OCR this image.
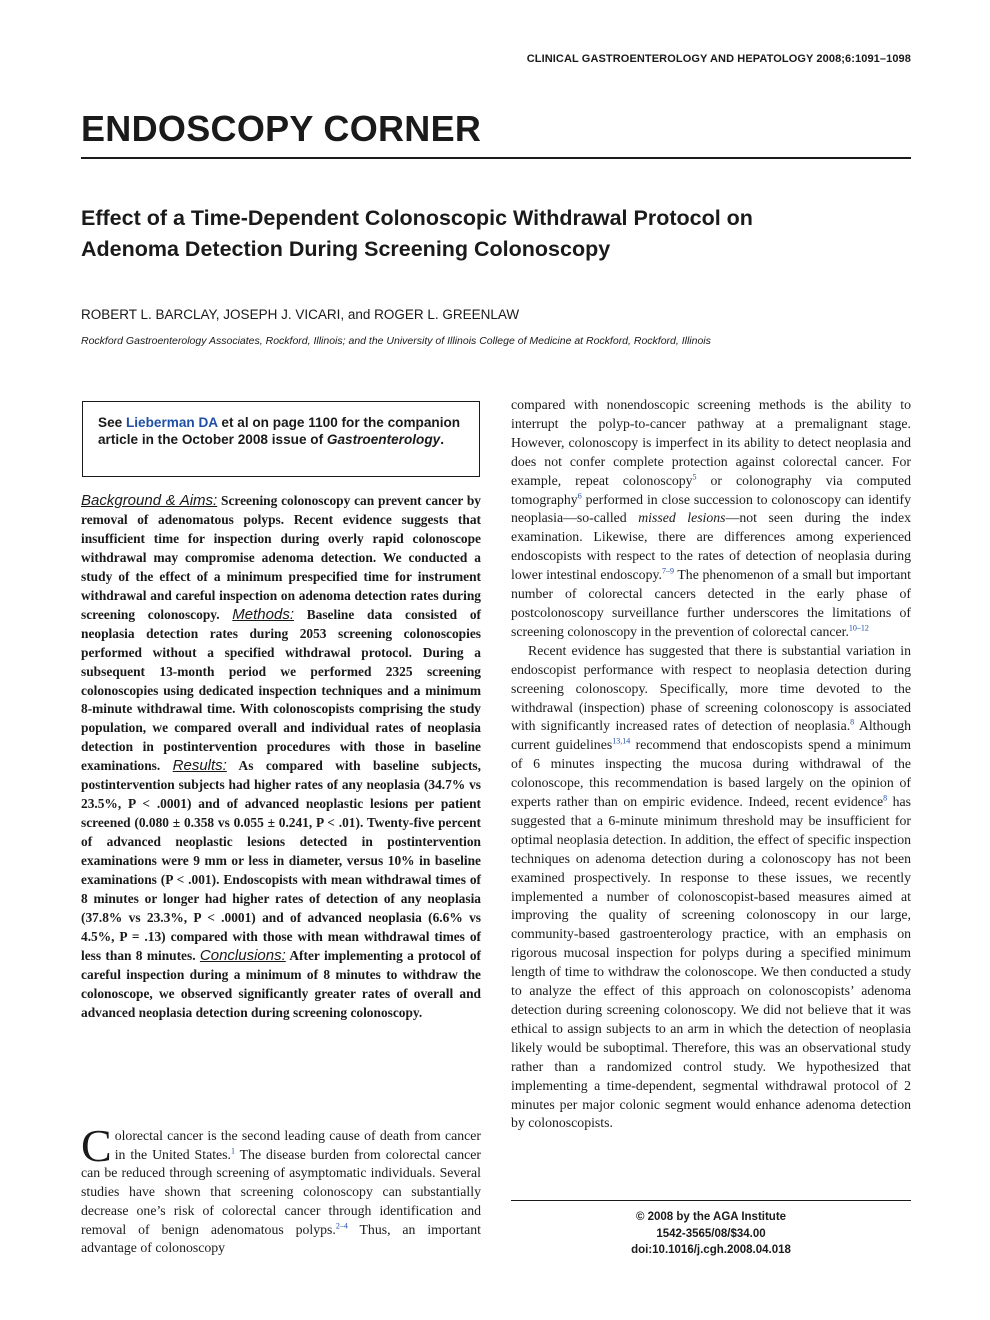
CLINICAL GASTROENTEROLOGY AND HEPATOLOGY 2008;6:1091–1098
ENDOSCOPY CORNER
Effect of a Time-Dependent Colonoscopic Withdrawal Protocol on
Adenoma Detection During Screening Colonoscopy
ROBERT L. BARCLAY, JOSEPH J. VICARI, and ROGER L. GREENLAW
Rockford Gastroenterology Associates, Rockford, Illinois; and the University of Illinois College of Medicine at Rockford, Rockford, Illinois
See Lieberman DA et al on page 1100 for the companion article in the October 2008 issue of Gastroenterology.

Background & Aims: Screening colonoscopy can prevent cancer by removal of adenomatous polyps. Recent evidence suggests that insufficient time for inspection during overly rapid colonoscope withdrawal may compromise adenoma detection. We conducted a study of the effect of a minimum prespecified time for instrument withdrawal and careful inspection on adenoma detection rates during screening colonoscopy. Methods: Baseline data consisted of neoplasia detection rates during 2053 screening colonoscopies performed without a specified withdrawal protocol. During a subsequent 13-month period we performed 2325 screening colonoscopies using dedicated inspection techniques and a minimum 8-minute withdrawal time. With colonoscopists comprising the study population, we compared overall and individual rates of neoplasia detection in postintervention procedures with those in baseline examinations. Results: As compared with baseline subjects, postintervention subjects had higher rates of any neoplasia (34.7% vs 23.5%, P < .0001) and of advanced neoplastic lesions per patient screened (0.080 ± 0.358 vs 0.055 ± 0.241, P < .01). Twenty-five percent of advanced neoplastic lesions detected in postintervention examinations were 9 mm or less in diameter, versus 10% in baseline examinations (P < .001). Endoscopists with mean withdrawal times of 8 minutes or longer had higher rates of detection of any neoplasia (37.8% vs 23.3%, P < .0001) and of advanced neoplasia (6.6% vs 4.5%, P = .13) compared with those with mean withdrawal times of less than 8 minutes. Conclusions: After implementing a protocol of careful inspection during a minimum of 8 minutes to withdraw the colonoscope, we observed significantly greater rates of overall and advanced neoplasia detection during screening colonoscopy.

Colorectal cancer is the second leading cause of death from cancer in the United States.$^1$ The disease burden from colorectal cancer can be reduced through screening of asymptomatic individuals. Several studies have shown that screening colonoscopy can substantially decrease one’s risk of colorectal cancer through identification and removal of benign adenomatous polyps.$^{2-4}$ Thus, an important advantage of colonoscopy

compared with nonendoscopic screening methods is the ability to interrupt the polyp-to-cancer pathway at a premalignant stage. However, colonoscopy is imperfect in its ability to detect neoplasia and does not confer complete protection against colorectal cancer. For example, repeat colonoscopy$^5$ or colonography via computed tomography$^6$ performed in close succession to colonoscopy can identify neoplasia—so-called missed lesions—not seen during the index examination. Likewise, there are differences among experienced endoscopists with respect to the rates of detection of neoplasia during lower intestinal endoscopy.$^{7-9}$ The phenomenon of a small but important number of colorectal cancers detected in the early phase of postcolonoscopy surveillance further underscores the limitations of screening colonoscopy in the prevention of colorectal cancer.$^{10-12}$

Recent evidence has suggested that there is substantial variation in endoscopist performance with respect to neoplasia detection during screening colonoscopy. Specifically, more time devoted to the withdrawal (inspection) phase of screening colonoscopy is associated with significantly increased rates of detection of neoplasia.$^8$ Although current guidelines$^{13,14}$ recommend that endoscopists spend a minimum of 6 minutes inspecting the mucosa during withdrawal of the colonoscope, this recommendation is based largely on the opinion of experts rather than on empiric evidence. Indeed, recent evidence$^8$ has suggested that a 6-minute minimum threshold may be insufficient for optimal neoplasia detection. In addition, the effect of specific inspection techniques on adenoma detection during a colonoscopy has not been examined prospectively. In response to these issues, we recently implemented a number of colonoscopist-based measures aimed at improving the quality of screening colonoscopy in our large, community-based gastroenterology practice, with an emphasis on rigorous mucosal inspection for polyps during a specified minimum length of time to withdraw the colonoscope. We then conducted a study to analyze the effect of this approach on colonoscopists’ adenoma detection during screening colonoscopy. We did not believe that it was ethical to assign subjects to an arm in which the detection of neoplasia likely would be suboptimal. Therefore, this was an observational study rather than a randomized control study. We hypothesized that implementing a time-dependent, segmental withdrawal protocol of 2 minutes per major colonic segment would enhance adenoma detection by colonoscopists.

© 2008 by the AGA Institute
1542-3565/08/$34.00
doi:10.1016/j.cgh.2008.04.018
